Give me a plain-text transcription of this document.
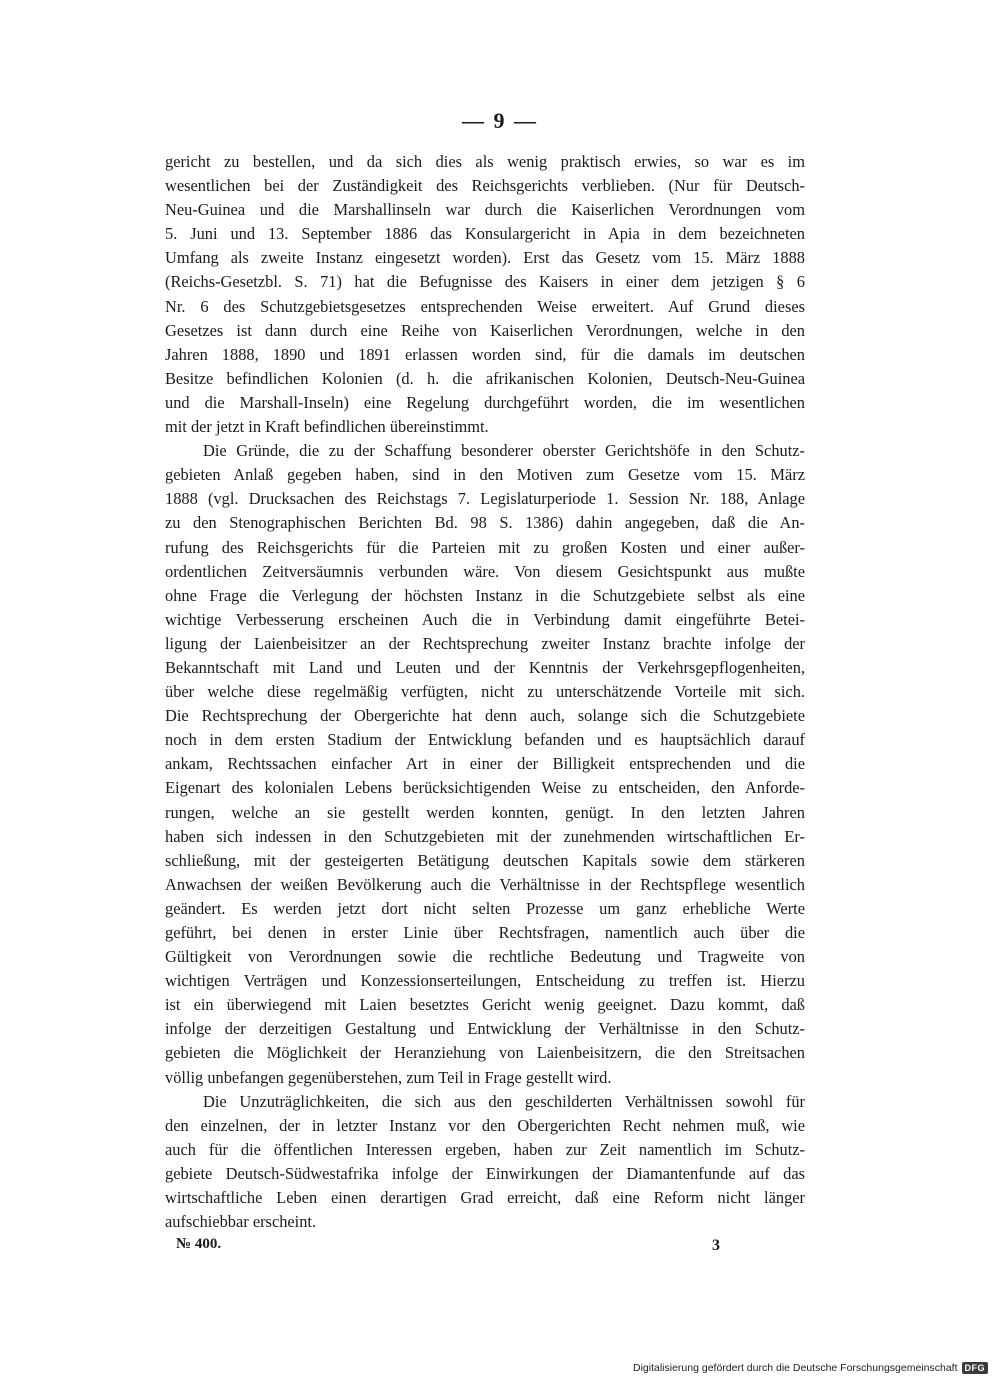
— 9 —
gericht zu bestellen, und da sich dies als wenig praktisch erwies, so war es im
wesentlichen bei der Zuständigkeit des Reichsgerichts verblieben. (Nur für Deutsch-
Neu-Guinea und die Marshallinseln war durch die Kaiserlichen Verordnungen vom
5. Juni und 13. September 1886 das Konsulargericht in Apia in dem bezeichneten
Umfang als zweite Instanz eingesetzt worden). Erst das Gesetz vom 15. März 1888
(Reichs-Gesetzbl. S. 71) hat die Befugnisse des Kaisers in einer dem jetzigen § 6
Nr. 6 des Schutzgebietsgesetzes entsprechenden Weise erweitert. Auf Grund dieses
Gesetzes ist dann durch eine Reihe von Kaiserlichen Verordnungen, welche in den
Jahren 1888, 1890 und 1891 erlassen worden sind, für die damals im deutschen
Besitze befindlichen Kolonien (d. h. die afrikanischen Kolonien, Deutsch-Neu-Guinea
und die Marshall-Inseln) eine Regelung durchgeführt worden, die im wesentlichen
mit der jetzt in Kraft befindlichen übereinstimmt.
Die Gründe, die zu der Schaffung besonderer oberster Gerichtshöfe in den Schutz-
gebieten Anlaß gegeben haben, sind in den Motiven zum Gesetze vom 15. März
1888 (vgl. Drucksachen des Reichstags 7. Legislaturperiode 1. Session Nr. 188, Anlage
zu den Stenographischen Berichten Bd. 98 S. 1386) dahin angegeben, daß die An-
rufung des Reichsgerichts für die Parteien mit zu großen Kosten und einer außer-
ordentlichen Zeitversäumnis verbunden wäre. Von diesem Gesichtspunkt aus mußte
ohne Frage die Verlegung der höchsten Instanz in die Schutzgebiete selbst als eine
wichtige Verbesserung erscheinen Auch die in Verbindung damit eingeführte Betei-
ligung der Laienbeisitzer an der Rechtsprechung zweiter Instanz brachte infolge der
Bekanntschaft mit Land und Leuten und der Kenntnis der Verkehrsgepflogenheiten,
über welche diese regelmäßig verfügten, nicht zu unterschätzende Vorteile mit sich.
Die Rechtsprechung der Obergerichte hat denn auch, solange sich die Schutzgebiete
noch in dem ersten Stadium der Entwicklung befanden und es hauptsächlich darauf
ankam, Rechtssachen einfacher Art in einer der Billigkeit entsprechenden und die
Eigenart des kolonialen Lebens berücksichtigenden Weise zu entscheiden, den Anforde-
rungen, welche an sie gestellt werden konnten, genügt. In den letzten Jahren
haben sich indessen in den Schutzgebieten mit der zunehmenden wirtschaftlichen Er-
schließung, mit der gesteigerten Betätigung deutschen Kapitals sowie dem stärkeren
Anwachsen der weißen Bevölkerung auch die Verhältnisse in der Rechtspflege wesentlich
geändert. Es werden jetzt dort nicht selten Prozesse um ganz erhebliche Werte
geführt, bei denen in erster Linie über Rechtsfragen, namentlich auch über die
Gültigkeit von Verordnungen sowie die rechtliche Bedeutung und Tragweite von
wichtigen Verträgen und Konzessionserteilungen, Entscheidung zu treffen ist. Hierzu
ist ein überwiegend mit Laien besetztes Gericht wenig geeignet. Dazu kommt, daß
infolge der derzeitigen Gestaltung und Entwicklung der Verhältnisse in den Schutz-
gebieten die Möglichkeit der Heranziehung von Laienbeisitzern, die den Streitsachen
völlig unbefangen gegenüberstehen, zum Teil in Frage gestellt wird.
Die Unzuträglichkeiten, die sich aus den geschilderten Verhältnissen sowohl für
den einzelnen, der in letzter Instanz vor den Obergerichten Recht nehmen muß, wie
auch für die öffentlichen Interessen ergeben, haben zur Zeit namentlich im Schutz-
gebiete Deutsch-Südwestafrika infolge der Einwirkungen der Diamantenfunde auf das
wirtschaftliche Leben einen derartigen Grad erreicht, daß eine Reform nicht länger
aufschiebbar erscheint.
№ 400.	3
Digitalisierung gefördert durch die Deutsche Forschungsgemeinschaft DFG
